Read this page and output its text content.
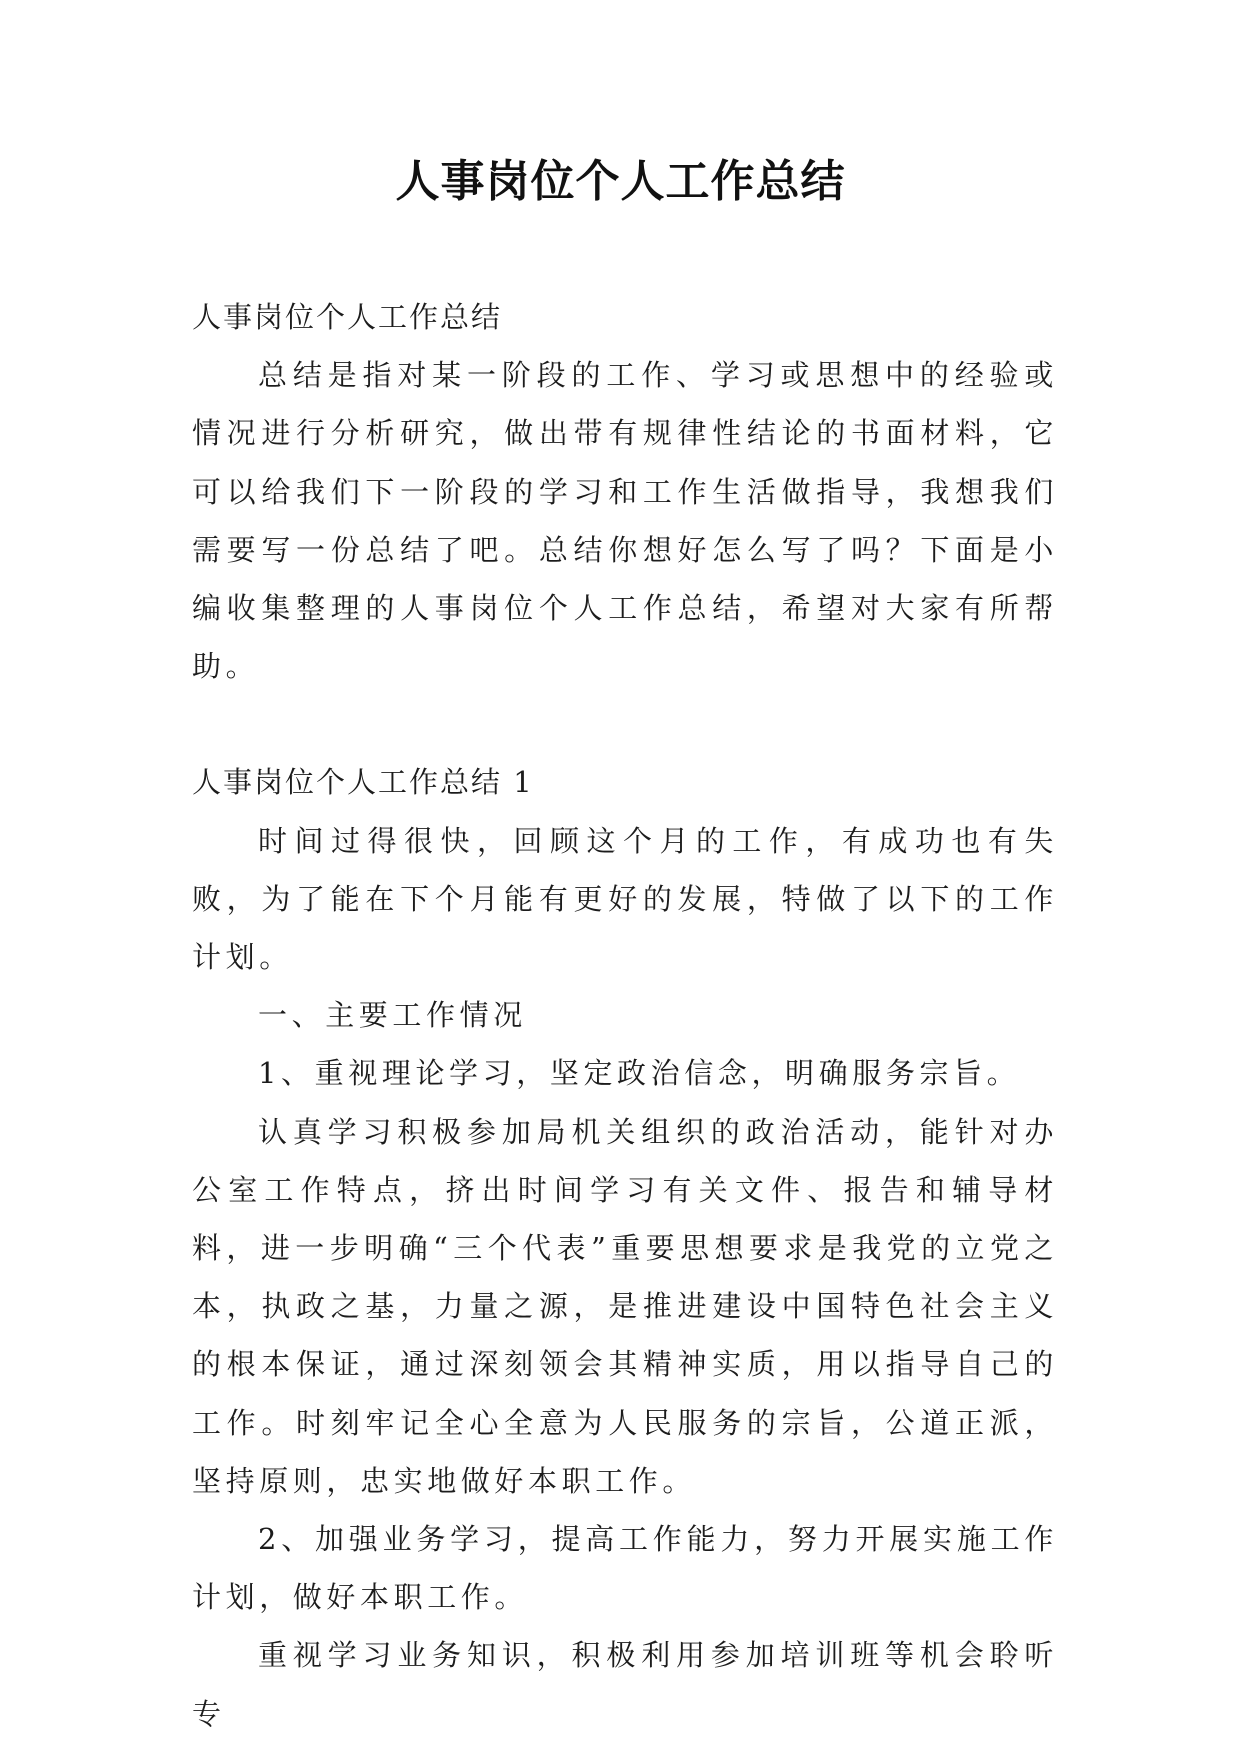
人事岗位个人工作总结

人事岗位个人工作总结

总结是指对某一阶段的工作、学习或思想中的经验或情况进行分析研究，做出带有规律性结论的书面材料，它可以给我们下一阶段的学习和工作生活做指导，我想我们需要写一份总结了吧。总结你想好怎么写了吗？下面是小编收集整理的人事岗位个人工作总结，希望对大家有所帮助。

人事岗位个人工作总结 1

时间过得很快，回顾这个月的工作，有成功也有失败，为了能在下个月能有更好的发展，特做了以下的工作计划。

一、主要工作情况

1、重视理论学习，坚定政治信念，明确服务宗旨。

认真学习积极参加局机关组织的政治活动，能针对办公室工作特点，挤出时间学习有关文件、报告和辅导材料，进一步明确“三个代表”重要思想要求是我党的立党之本，执政之基，力量之源，是推进建设中国特色社会主义的根本保证，通过深刻领会其精神实质，用以指导自己的工作。时刻牢记全心全意为人民服务的宗旨，公道正派，坚持原则，忠实地做好本职工作。

2、加强业务学习，提高工作能力，努力开展实施工作计划，做好本职工作。

重视学习业务知识，积极利用参加培训班等机会聆听专
